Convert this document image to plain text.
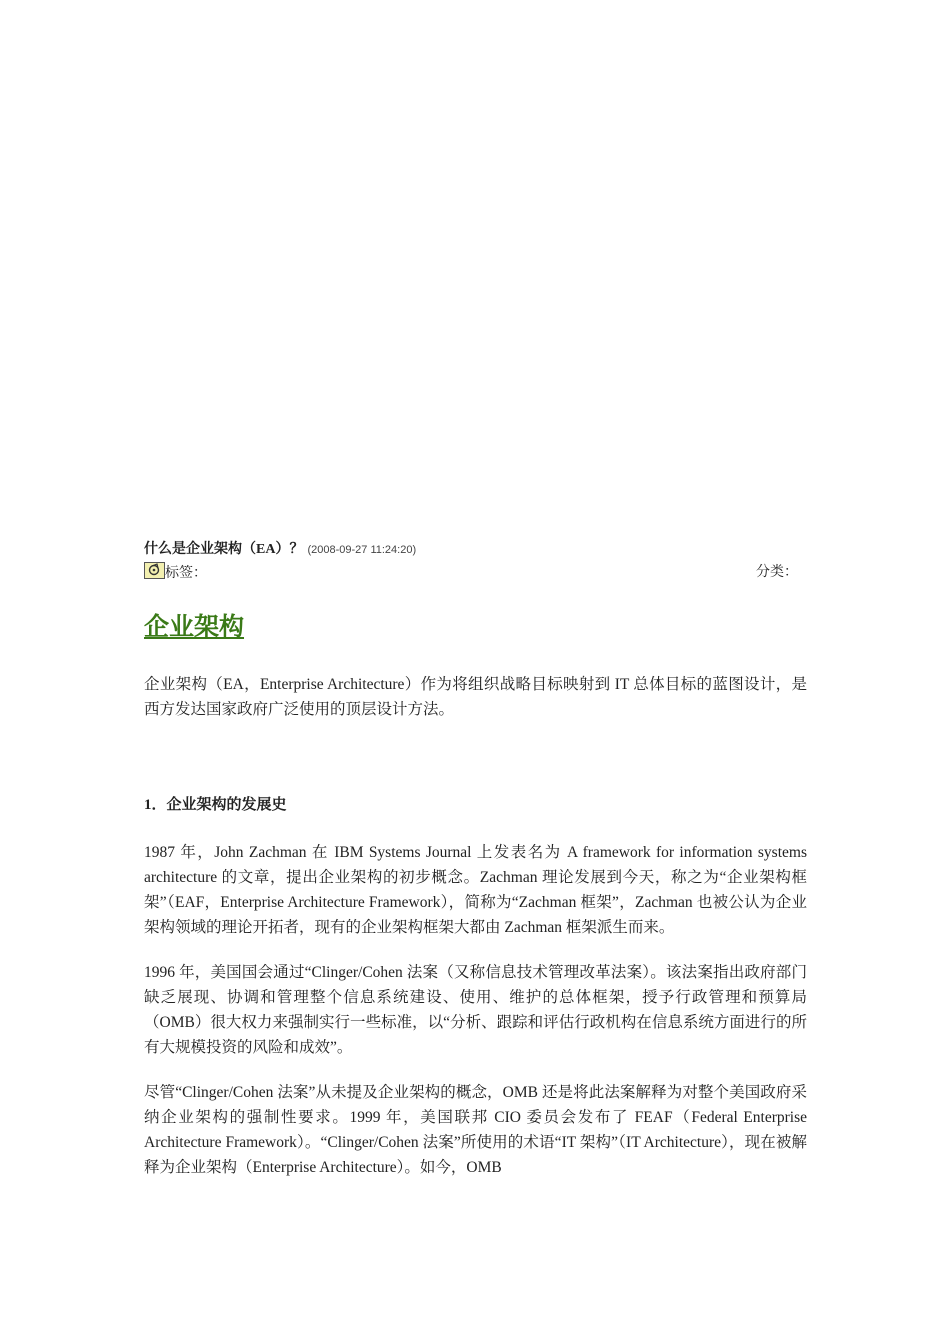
什么是企业架构（EA）？ (2008-09-27 11:24:20)
标签：	分类：
企业架构

企业架构（EA，Enterprise Architecture）作为将组织战略目标映射到 IT 总体目标的蓝图设计，是西方发达国家政府广泛使用的顶层设计方法。

1．企业架构的发展史

1987 年，John Zachman 在 IBM Systems Journal 上发表名为 A framework for information systems architecture 的文章，提出企业架构的初步概念。Zachman 理论发展到今天，称之为“企业架构框架”（EAF，Enterprise Architecture Framework），简称为“Zachman 框架”，Zachman 也被公认为企业架构领域的理论开拓者，现有的企业架构框架大都由 Zachman 框架派生而来。

1996 年，美国国会通过“Clinger/Cohen 法案（又称信息技术管理改革法案）。该法案指出政府部门缺乏展现、协调和管理整个信息系统建设、使用、维护的总体框架，授予行政管理和预算局（OMB）很大权力来强制实行一些标准，以“分析、跟踪和评估行政机构在信息系统方面进行的所有大规模投资的风险和成效”。

尽管“Clinger/Cohen 法案”从未提及企业架构的概念，OMB 还是将此法案解释为对整个美国政府采纳企业架构的强制性要求。1999 年，美国联邦 CIO 委员会发布了 FEAF（Federal Enterprise Architecture Framework）。“Clinger/Cohen 法案”所使用的术语“IT 架构”（IT Architecture），现在被解释为企业架构（Enterprise Architecture）。如今，OMB
